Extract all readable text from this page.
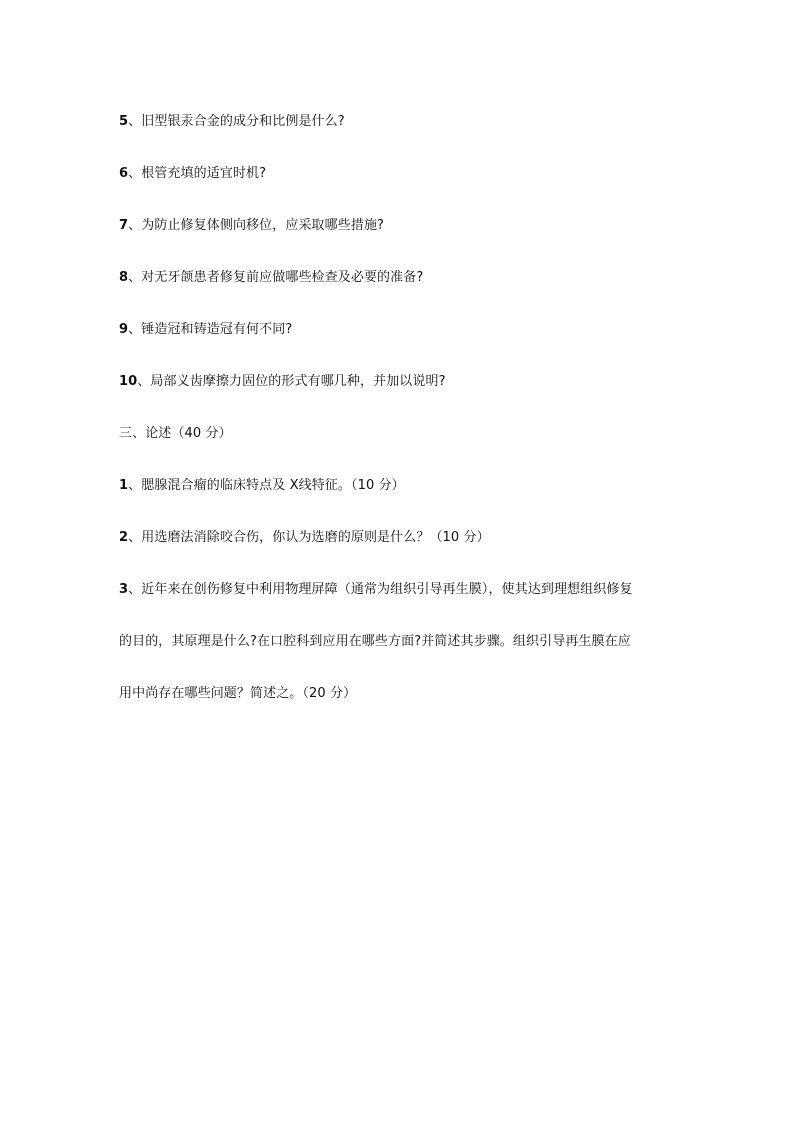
5、旧型银汞合金的成分和比例是什么?
6、根管充填的适宜时机?
7、为防止修复体侧向移位，应采取哪些措施?
8、对无牙颌患者修复前应做哪些检查及必要的准备?
9、锤造冠和铸造冠有何不同?
10、局部义齿摩擦力固位的形式有哪几种，并加以说明?
三、论述（40 分）
1、腮腺混合瘤的临床特点及 X线特征。（10 分）
2、用选磨法消除咬合伤，你认为选磨的原则是什么？（10 分）
3、近年来在创伤修复中利用物理屏障（通常为组织引导再生膜），使其达到理想组织修复
的目的，其原理是什么?在口腔科到应用在哪些方面?并简述其步骤。组织引导再生膜在应
用中尚存在哪些问题？简述之。（20 分）
